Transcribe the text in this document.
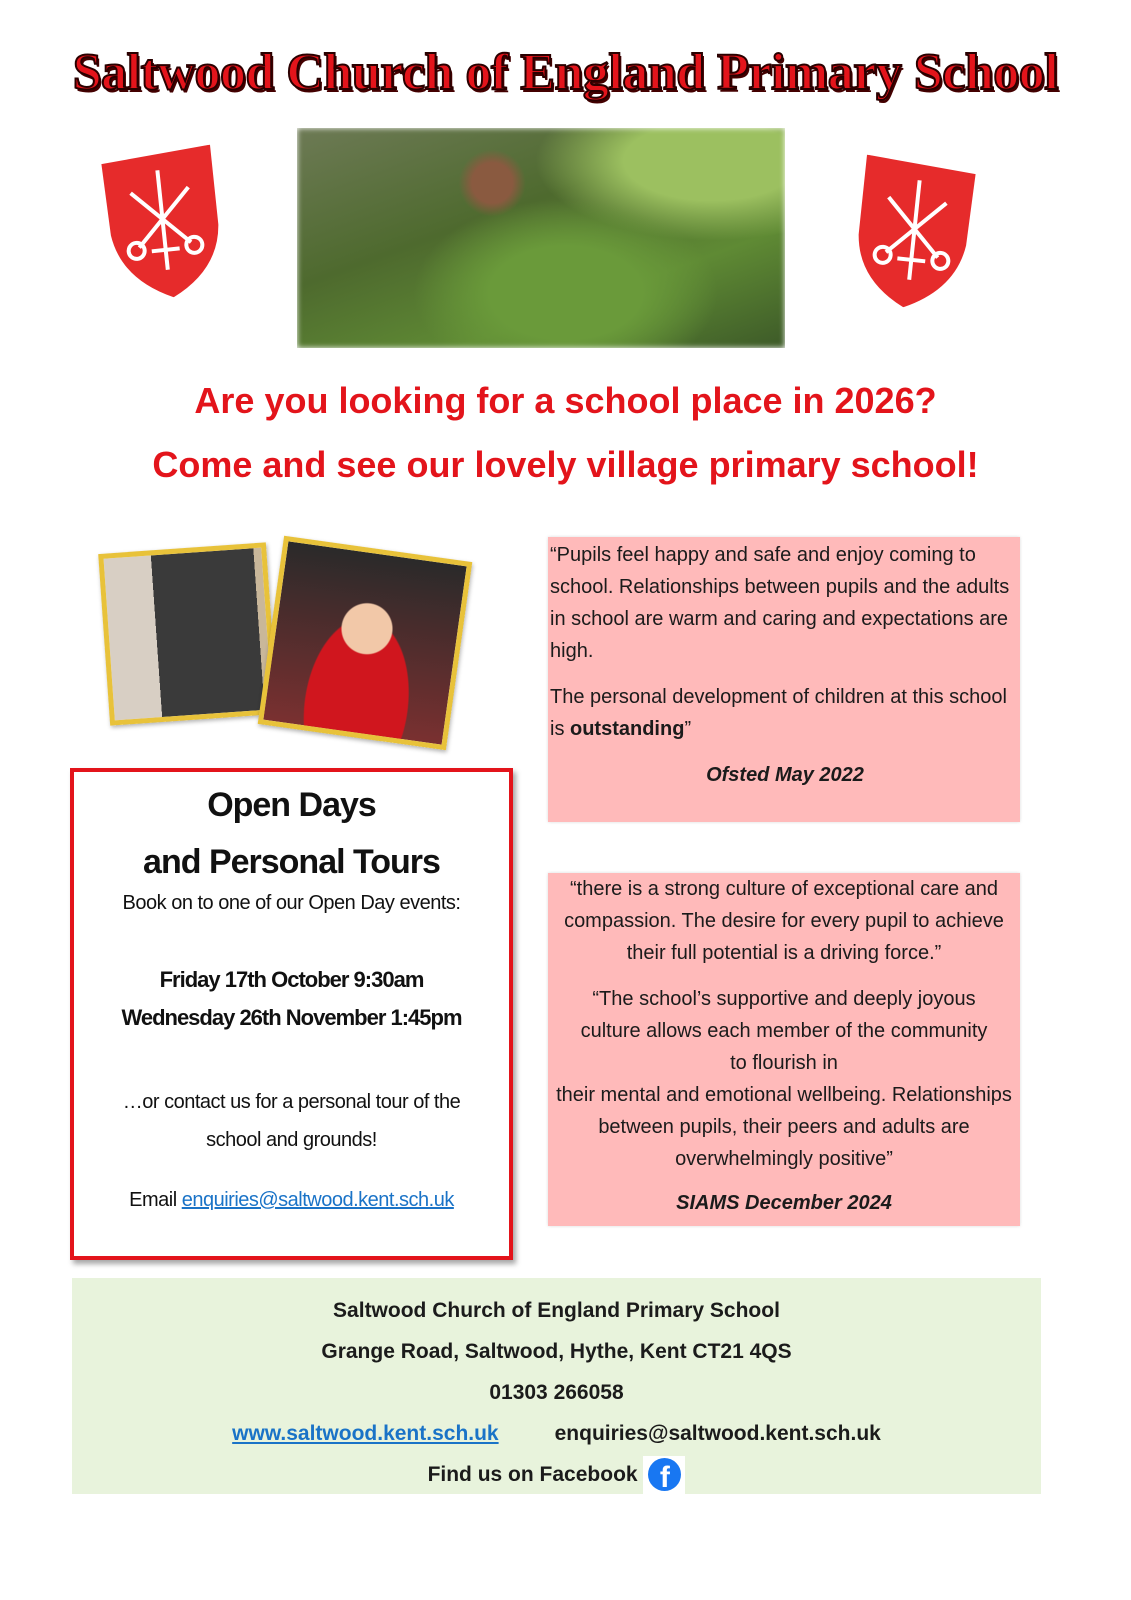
Saltwood Church of England Primary School
Are you looking for a school place in 2026?
Come and see our lovely village primary school!

“Pupils feel happy and safe and enjoy coming to school. Relationships between pupils and the adults in school are warm and caring and expectations are high.

The personal development of children at this school is outstanding”

Ofsted May 2022

Open Days
and Personal Tours
Book on to one of our Open Day events:
Friday 17th October 9:30am
Wednesday 26th November 1:45pm
…or contact us for a personal tour of the school and grounds!
Email enquiries@saltwood.kent.sch.uk

“there is a strong culture of exceptional care and compassion. The desire for every pupil to achieve their full potential is a driving force.”

“The school’s supportive and deeply joyous culture allows each member of the community to flourish in

their mental and emotional wellbeing. Relationships between pupils, their peers and adults are overwhelmingly positive”

SIAMS December 2024

Saltwood Church of England Primary School
Grange Road, Saltwood, Hythe, Kent CT21 4QS
01303 266058
www.saltwood.kent.sch.uk	enquiries@saltwood.kent.sch.uk
Find us on Facebook f
